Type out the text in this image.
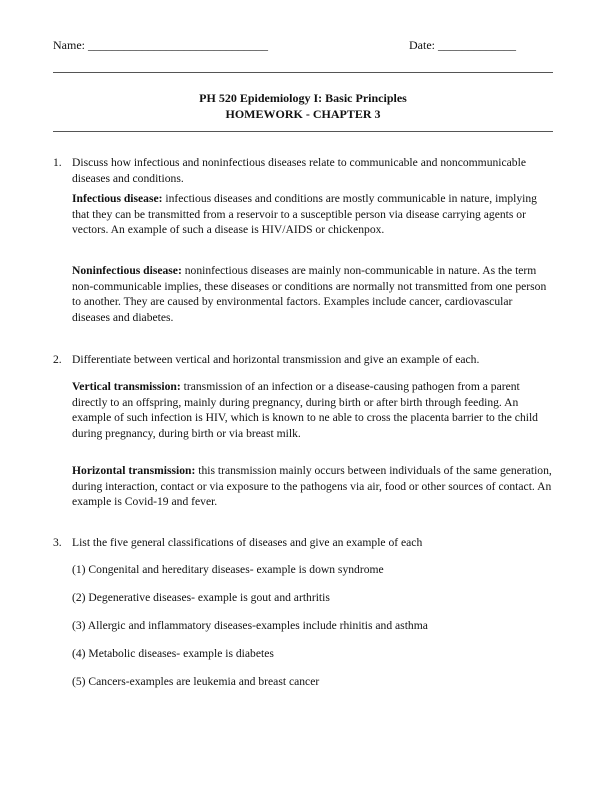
Name: ______________________________	Date: _____________
PH 520 Epidemiology I: Basic Principles
HOMEWORK - CHAPTER 3
1. Discuss how infectious and noninfectious diseases relate to communicable and noncommunicable diseases and conditions.
Infectious disease: infectious diseases and conditions are mostly communicable in nature, implying that they can be transmitted from a reservoir to a susceptible person via disease carrying agents or vectors. An example of such a disease is HIV/AIDS or chickenpox.
Noninfectious disease: noninfectious diseases are mainly non-communicable in nature. As the term non-communicable implies, these diseases or conditions are normally not transmitted from one person to another. They are caused by environmental factors. Examples include cancer, cardiovascular diseases and diabetes.
2. Differentiate between vertical and horizontal transmission and give an example of each.
Vertical transmission: transmission of an infection or a disease-causing pathogen from a parent directly to an offspring, mainly during pregnancy, during birth or after birth through feeding. An example of such infection is HIV, which is known to ne able to cross the placenta barrier to the child during pregnancy, during birth or via breast milk.
Horizontal transmission: this transmission mainly occurs between individuals of the same generation, during interaction, contact or via exposure to the pathogens via air, food or other sources of contact. An example is Covid-19 and fever.
3. List the five general classifications of diseases and give an example of each
(1) Congenital and hereditary diseases- example is down syndrome
(2) Degenerative diseases- example is gout and arthritis
(3) Allergic and inflammatory diseases-examples include rhinitis and asthma
(4) Metabolic diseases- example is diabetes
(5) Cancers-examples are leukemia and breast cancer
